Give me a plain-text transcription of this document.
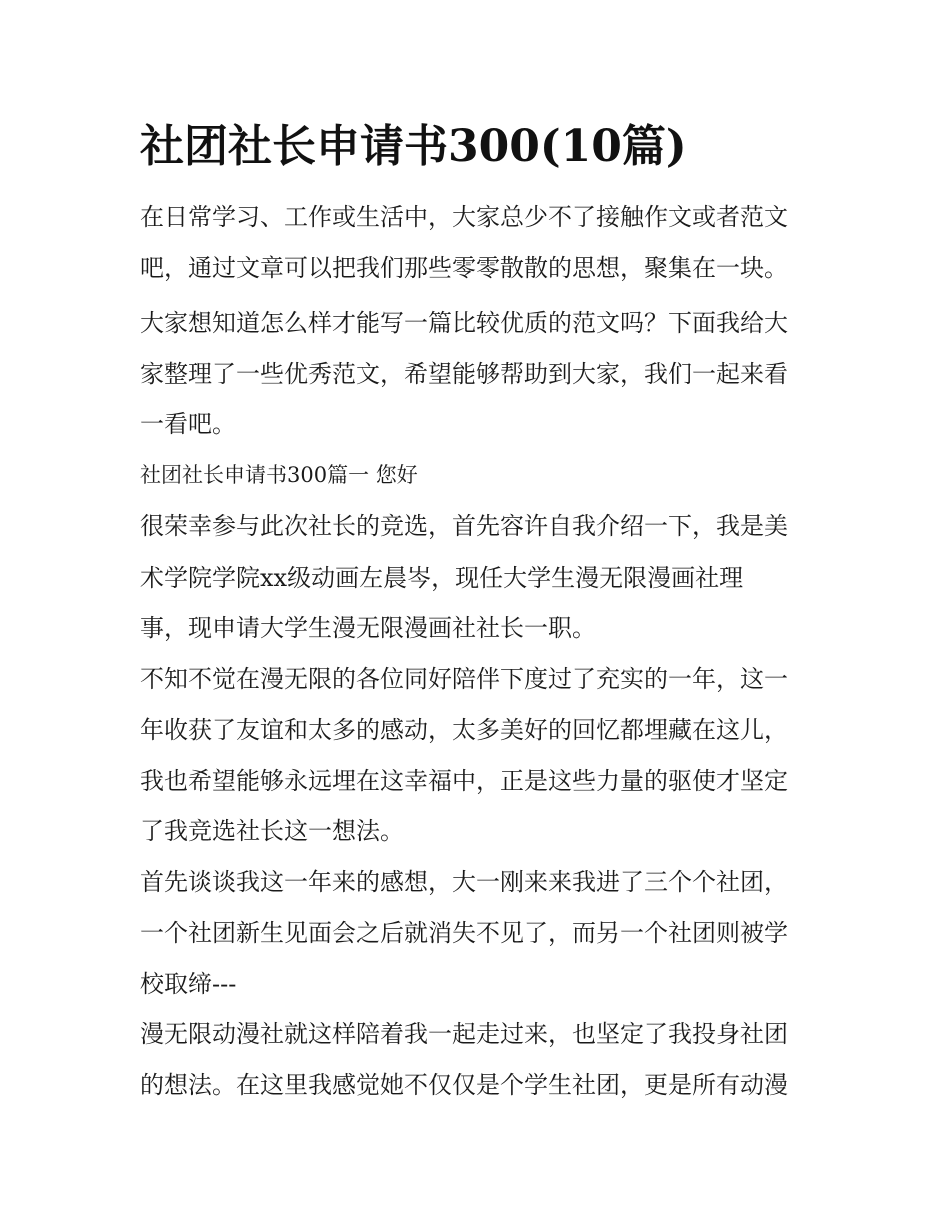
社团社长申请书300(10篇)
在日常学习、工作或生活中，大家总少不了接触作文或者范文
吧，通过文章可以把我们那些零零散散的思想，聚集在一块。
大家想知道怎么样才能写一篇比较优质的范文吗？下面我给大
家整理了一些优秀范文，希望能够帮助到大家，我们一起来看
一看吧。
社团社长申请书300篇一 您好
很荣幸参与此次社长的竞选，首先容许自我介绍一下，我是美
术学院学院xx级动画左晨岑，现任大学生漫无限漫画社理
事，现申请大学生漫无限漫画社社长一职。
不知不觉在漫无限的各位同好陪伴下度过了充实的一年，这一
年收获了友谊和太多的感动，太多美好的回忆都埋藏在这儿，
我也希望能够永远埋在这幸福中，正是这些力量的驱使才坚定
了我竞选社长这一想法。
首先谈谈我这一年来的感想，大一刚来来我进了三个个社团，
一个社团新生见面会之后就消失不见了，而另一个社团则被学
校取缔---
漫无限动漫社就这样陪着我一起走过来，也坚定了我投身社团
的想法。在这里我感觉她不仅仅是个学生社团，更是所有动漫
